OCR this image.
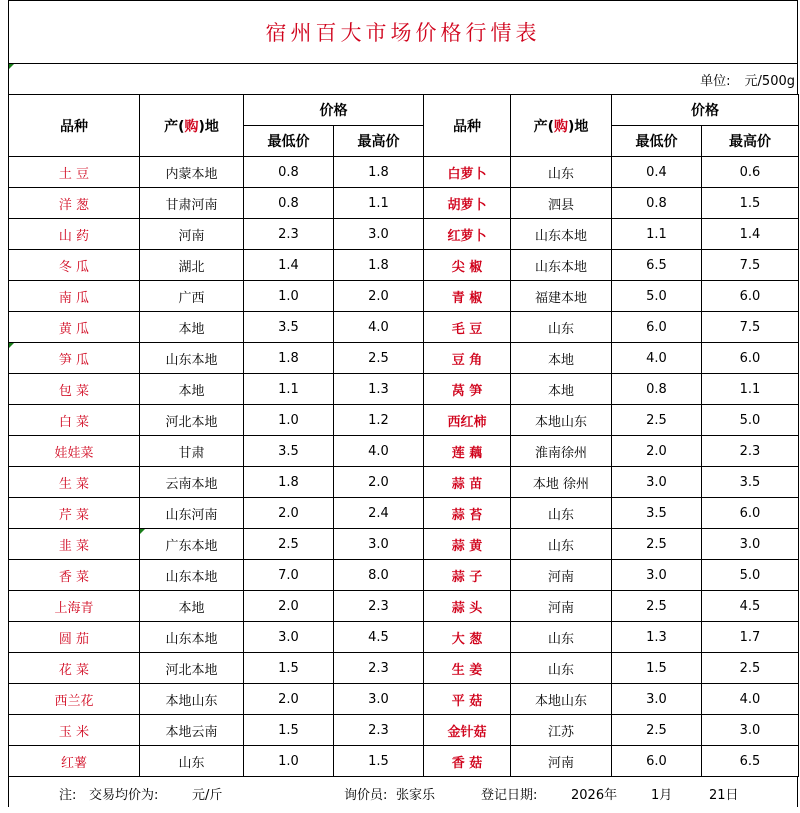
宿州百大市场价格行情表
单位: 元/500g
品种	产(购)地	价格		品种	产(购)地	价格	
		最低价	最高价			最低价	最高价
土 豆	内蒙本地	0.8	1.8	白萝卜	山东	0.4	0.6
洋 葱	甘肃河南	0.8	1.1	胡萝卜	泗县	0.8	1.5
山 药	河南	2.3	3.0	红萝卜	山东本地	1.1	1.4
冬 瓜	湖北	1.4	1.8	尖 椒	山东本地	6.5	7.5
南 瓜	广西	1.0	2.0	青 椒	福建本地	5.0	6.0
黄 瓜	本地	3.5	4.0	毛 豆	山东	6.0	7.5
笋 瓜	山东本地	1.8	2.5	豆 角	本地	4.0	6.0
包 菜	本地	1.1	1.3	莴 笋	本地	0.8	1.1
白 菜	河北本地	1.0	1.2	西红柿	本地山东	2.5	5.0
娃娃菜	甘肃	3.5	4.0	莲 藕	淮南徐州	2.0	2.3
生 菜	云南本地	1.8	2.0	蒜 苗	本地 徐州	3.0	3.5
芹 菜	山东河南	2.0	2.4	蒜 苔	山东	3.5	6.0
韭 菜	广东本地	2.5	3.0	蒜 黄	山东	2.5	3.0
香 菜	山东本地	7.0	8.0	蒜 子	河南	3.0	5.0
上海青	本地	2.0	2.3	蒜 头	河南	2.5	4.5
圆 茄	山东本地	3.0	4.5	大 葱	山东	1.3	1.7
花 菜	河北本地	1.5	2.3	生 姜	山东	1.5	2.5
西兰花	本地山东	2.0	3.0	平 菇	本地山东	3.0	4.0
玉 米	本地云南	1.5	2.3	金针菇	江苏	2.5	3.0
红薯	山东	1.0	1.5	香 菇	河南	6.0	6.5
注: 交易均价为:	元/斤	询价员: 张家乐	登记日期:	2026年	1月	21日
